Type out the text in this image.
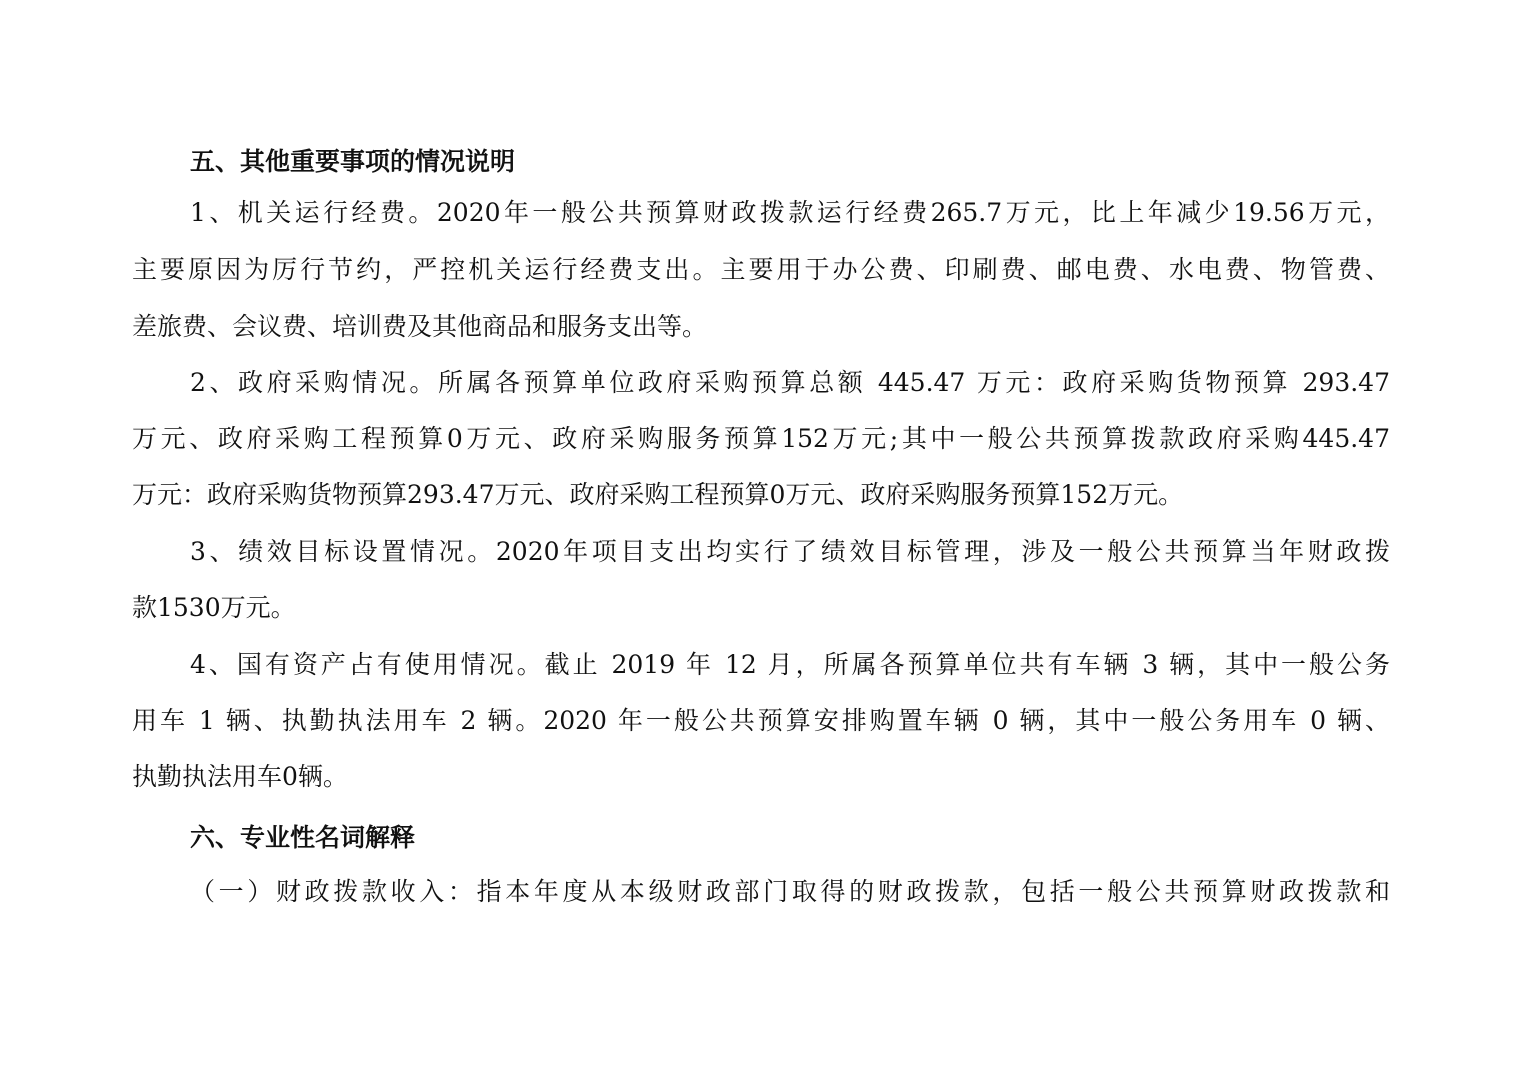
五、其他重要事项的情况说明
1、机关运行经费。2020年一般公共预算财政拨款运行经费265.7万元，比上年减少19.56万元，
主要原因为厉行节约，严控机关运行经费支出。主要用于办公费、印刷费、邮电费、水电费、物管费、
差旅费、会议费、培训费及其他商品和服务支出等。
2、政府采购情况。所属各预算单位政府采购预算总额 445.47 万元：政府采购货物预算 293.47
万元、政府采购工程预算0万元、政府采购服务预算152万元;其中一般公共预算拨款政府采购445.47
万元：政府采购货物预算293.47万元、政府采购工程预算0万元、政府采购服务预算152万元。
3、绩效目标设置情况。2020年项目支出均实行了绩效目标管理，涉及一般公共预算当年财政拨
款1530万元。
4、国有资产占有使用情况。截止 2019 年 12 月，所属各预算单位共有车辆 3 辆，其中一般公务
用车 1 辆、执勤执法用车 2 辆。2020 年一般公共预算安排购置车辆 0 辆，其中一般公务用车 0 辆、
执勤执法用车0辆。
六、专业性名词解释
（一）财政拨款收入：指本年度从本级财政部门取得的财政拨款，包括一般公共预算财政拨款和
